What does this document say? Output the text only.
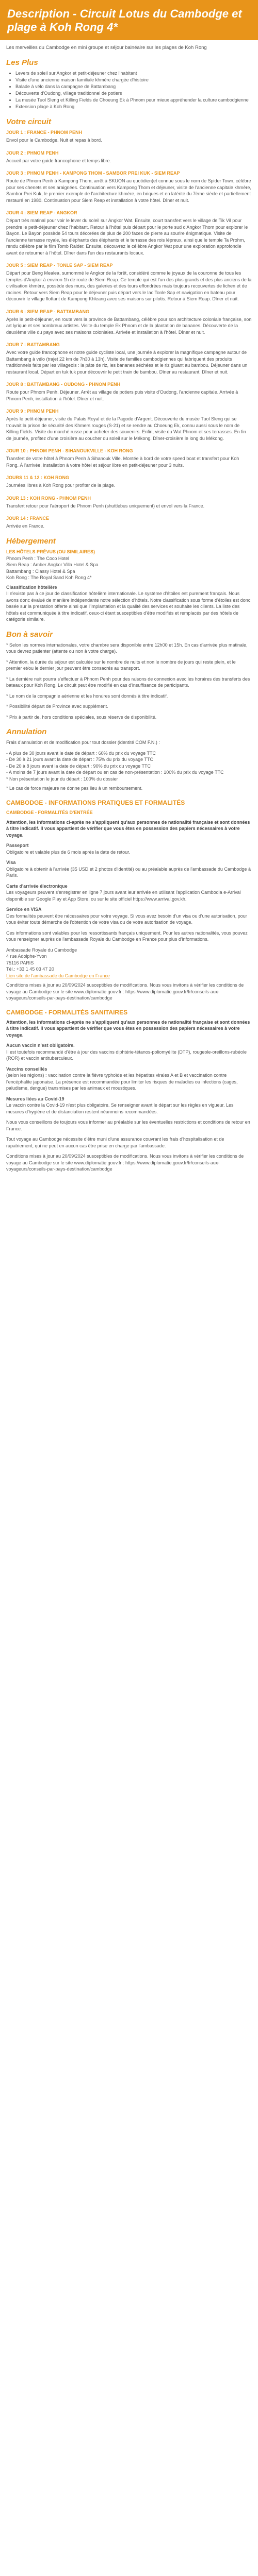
Description - Circuit Lotus du Cambodge et plage à Koh Rong 4*

Les merveilles du Cambodge en mini groupe et séjour balnéaire sur les plages de Koh Rong

Les Plus
• Levers de soleil sur Angkor et petit-déjeuner chez l'habitant
• Visite d'une ancienne maison familiale khmère chargée d'histoire
• Balade à vélo dans la campagne de Battambang
• Découverte d'Oudong, village traditionnel de potiers
• La musée Tuol Sleng et Killing Fields de Choeung Ek à Phnom peur mieux appréhender la culture cambodgienne
• Extension plage à Koh Rong
Votre circuit
JOUR 1 : FRANCE - PHNOM PENH

Envol pour le Cambodge. Nuit et repas à bord.

JOUR 2 : PHNOM PENH

Accueil par votre guide francophone et temps libre.

JOUR 3 : PHNOM PENH - KAMPONG THOM - SAMBOR PREI KUK - SIEM REAP

Route de Phnom Penh à Kampong Thom, arrêt à SKUON au quotidien(et connue sous le nom de Spider Town, célèbre pour ses chenets et ses araignées. Continuation vers Kampong Thom et déjeuner, visite de l'ancienne capitale khmère, Sambor Prei Kuk, le premier exemple de l'architecture khmère, en briques et en latérite du 7ème siècle et partiellement restauré en 1980. Continuation pour Siem Reap et installation à votre hôtel. Dîner et nuit.

JOUR 4 : SIEM REAP - ANGKOR

Départ très matinal pour voir le lever du soleil sur Angkor Wat. Ensuite, court transfert vers le village de Tik Vil pour prendre le petit-déjeuner chez l'habitant. Retour à l'hôtel puis départ pour le porte sud d'Angkor Thom pour explorer le Bayon. Le Bayon possède 54 tours décorées de plus de 200 faces de pierre au sourire énigmatique. Visite de l'ancienne terrasse royale, les éléphants des éléphants et le terrasse des rois lépreux, ainsi que le temple Ta Prohm, rendu célèbre par le film Tomb Raider. Ensuite, découvrez le célèbre Angkor Wat pour une exploration approfondie avant de retourner à l'hôtel. Dîner dans l'un des restaurants locaux.

JOUR 5 : SIEM REAP - TONLE SAP - SIEM REAP

Départ pour Beng Mealea, surnommé le Angkor de la forêt, considéré comme le joyaux de la couronne de tous les temples d'Angkor à environ 1h de route de Siem Reap. Ce temple qui est l'un des plus grands et des plus anciens de la civilisation khmère, possède des murs, des galeries et des tours effondrées mais toujours recouvertes de lichen et de racines. Retour vers Siem Reap pour le déjeuner puis départ vers le lac Tonle Sap et navigation en bateau pour découvrir le village flottant de Kampong Khleang avec ses maisons sur pilotis. Retour à Siem Reap. Dîner et nuit.

JOUR 6 : SIEM REAP - BATTAMBANG

Après le petit-déjeuner, en route vers la province de Battambang, célèbre pour son architecture coloniale française, son art lyrique et ses nombreux artistes. Visite du temple Ek Phnom et de la plantation de bananes. Découverte de la deuxième ville du pays avec ses maisons coloniales. Arrivée et installation à l'hôtel. Dîner et nuit.

JOUR 7 : BATTAMBANG

Avec votre guide francophone et notre guide cycliste local, une journée à explorer la magnifique campagne autour de Battambang à vélo (trajet 22 km de 7h30 à 13h). Visite de familles cambodgiennes qui fabriquent des produits traditionnels faits par les villageois : la pâte de riz, les bananes séchées et le riz gluant au bambou. Déjeuner dans un restaurant local. Départ en tuk tuk pour découvrir le petit train de bambou. Dîner au restaurant. Dîner et nuit.

JOUR 8 : BATTAMBANG - OUDONG - PHNOM PENH

Route pour Phnom Penh. Déjeuner. Arrêt au village de potiers puis visite d'Oudong, l'ancienne capitale. Arrivée à Phnom Penh, installation à l'hôtel. Dîner et nuit.

JOUR 9 : PHNOM PENH

Après le petit-déjeuner, visite du Palais Royal et de la Pagode d'Argent. Découverte du musée Tuol Sleng qui se trouvait la prison de sécurité des Khmers rouges (S-21) et se rendre au Choeung Ek, connu aussi sous le nom de Killing Fields. Visite du marché russe pour acheter des souvenirs. Enfin, visite du Wat Phnom et ses terrasses. En fin de journée, profitez d'une croisière au coucher du soleil sur le Mékong. Dîner-croisière le long du Mékong.

JOUR 10 : PHNOM PENH - SIHANOUKVILLE - KOH RONG

Transfert de votre hôtel à Phnom Penh à Sihanouk Ville. Montée à bord de votre speed boat et transfert pour Koh Rong. À l'arrivée, installation à votre hôtel et séjour libre en petit-déjeuner pour 3 nuits.

JOURS 11 & 12 : KOH RONG

Journées libres à Koh Rong pour profiter de la plage.

JOUR 13 : KOH RONG - PHNOM PENH

Transfert retour pour l'aéroport de Phnom Penh (shuttlebus uniquement) et envol vers la France.

JOUR 14 : FRANCE

Arrivée en France.

Hébergement
LES HÔTELS PRÉVUS (OU SIMILAIRES)

Phnom Penh : The Coco Hotel

Siem Reap : Amber Angkor Villa Hotel & Spa

Battambang : Classy Hotel & Spa

Koh Rong : The Royal Sand Koh Rong 4*

Classification hôtelière

Il n'existe pas à ce jour de classification hôtelière internationale. Le système d'étoiles est purement français. Nous avons donc évalué de manière indépendante notre sélection d'hôtels. Notre classification sous forme d'étoiles est donc basée sur la prestation offerte ainsi que l'implantation et la qualité des services et souhaite les clients. La liste des hôtels est communiquée à titre indicatif, ceux-ci étant susceptibles d'être modifiés et remplacés par des hôtels de catégorie similaire.

Bon à savoir

* Selon les normes internationales, votre chambre sera disponible entre 12h00 et 15h. En cas d'arrivée plus matinale, vous devrez patienter (attente ou non à votre charge).

* Attention, la durée du séjour est calculée sur le nombre de nuits et non le nombre de jours qui reste plein, et le premier et/ou le dernier jour peuvent être consacrés au transport.

* La dernière nuit pourra s'effectuer à Phnom Penh pour des raisons de connexion avec les horaires des transferts des bateaux pour Koh Rong. Le circuit peut être modifié en cas d'insuffisance de participants.

* Le nom de la compagnie aérienne et les horaires sont donnés à titre indicatif.

* Possibilité départ de Province avec supplément.

* Prix à partir de, hors conditions spéciales, sous réserve de disponibilité.

Annulation

Frais d'annulation et de modification pour tout dossier (identité COM F.N.) :

- A plus de 30 jours avant le date de départ : 60% du prix du voyage TTC

- De 30 à 21 jours avant la date de départ : 75% du prix du voyage TTC

- De 20 à 8 jours avant la date de départ : 90% du prix du voyage TTC

- A moins de 7 jours avant la date de départ ou en cas de non-présentation : 100% du prix du voyage TTC

* Non présentation le jour du départ : 100% du dossier

* Le cas de force majeure ne donne pas lieu à un remboursement.

CAMBODGE - INFORMATIONS PRATIQUES ET FORMALITÉS
CAMBODGE - FORMALITÉS D'ENTRÉE

Attention, les informations ci-après ne s'appliquent qu'aux personnes de nationalité française et sont données à titre indicatif. Il vous appartient de vérifier que vous êtes en possession des papiers nécessaires à votre voyage.

Passeport

Obligatoire et valable plus de 6 mois après la date de retour.

Visa

Obligatoire à obtenir à l'arrivée (35 USD et 2 photos d'identité) ou au préalable auprès de l'ambassade du Cambodge à Paris.

Carte d'arrivée électronique

Les voyageurs peuvent s'enregistrer en ligne 7 jours avant leur arrivée en utilisant l'application Cambodia e-Arrival disponible sur Google Play et App Store, ou sur le site officiel https://www.arrival.gov.kh.

Service en VISA

Des formalités peuvent être nécessaires pour votre voyage. Si vous avez besoin d'un visa ou d'une autorisation, pour vous éviter toute démarche de l'obtention de votre visa ou de votre autorisation de voyage.

Ces informations sont valables pour les ressortissants français uniquement. Pour les autres nationalités, vous pouvez vous renseigner auprès de l'ambassade Royale du Cambodge en France pour plus d'informations.

Ambassade Royale du Cambodge

4 rue Adolphe-Yvon

75116 PARIS

Tél.: +33 1 45 03 47 20

Lien site de l'ambassade du Cambodge en France

Conditions mises à jour au 20/09/2024 susceptibles de modifications. Nous vous invitons à vérifier les conditions de voyage au Cambodge sur le site www.diplomatie.gouv.fr : https://www.diplomatie.gouv.fr/fr/conseils-aux-voyageurs/conseils-par-pays-destination/cambodge

CAMBODGE - FORMALITÉS SANITAIRES

Attention, les informations ci-après ne s'appliquent qu'aux personnes de nationalité française et sont données à titre indicatif. Il vous appartient de vérifier que vous êtes en possession des papiers nécessaires à votre voyage.

Aucun vaccin n'est obligatoire.

Il est toutefois recommandé d'être à jour des vaccins diphtérie-tétanos-poliomyélite (DTP), rougeole-oreillons-rubéole (ROR) et vaccin antituberculeux.

Vaccins conseillés

(selon les régions) : vaccination contre la fièvre typhoïde et les hépatites virales A et B et vaccination contre l'encéphalite japonaise. La présence est recommandée pour limiter les risques de maladies ou infections (cages, paludisme, dengue) transmises par les animaux et moustiques.

Mesures liées au Covid-19

Le vaccin contre la Covid-19 n'est plus obligatoire. Se renseigner avant le départ sur les règles en vigueur. Les mesures d'hygiène et de distanciation restent néanmoins recommandées.

Nous vous conseillons de toujours vous informer au préalable sur les éventuelles restrictions et conditions de retour en France.

Tout voyage au Cambodge nécessite d'être muni d'une assurance couvrant les frais d'hospitalisation et de rapatriement, qui ne peut en aucun cas être prise en charge par l'ambassade.

Conditions mises à jour au 20/09/2024 susceptibles de modifications. Nous vous invitons à vérifier les conditions de voyage au Cambodge sur le site www.diplomatie.gouv.fr : https://www.diplomatie.gouv.fr/fr/conseils-aux-voyageurs/conseils-par-pays-destination/cambodge
